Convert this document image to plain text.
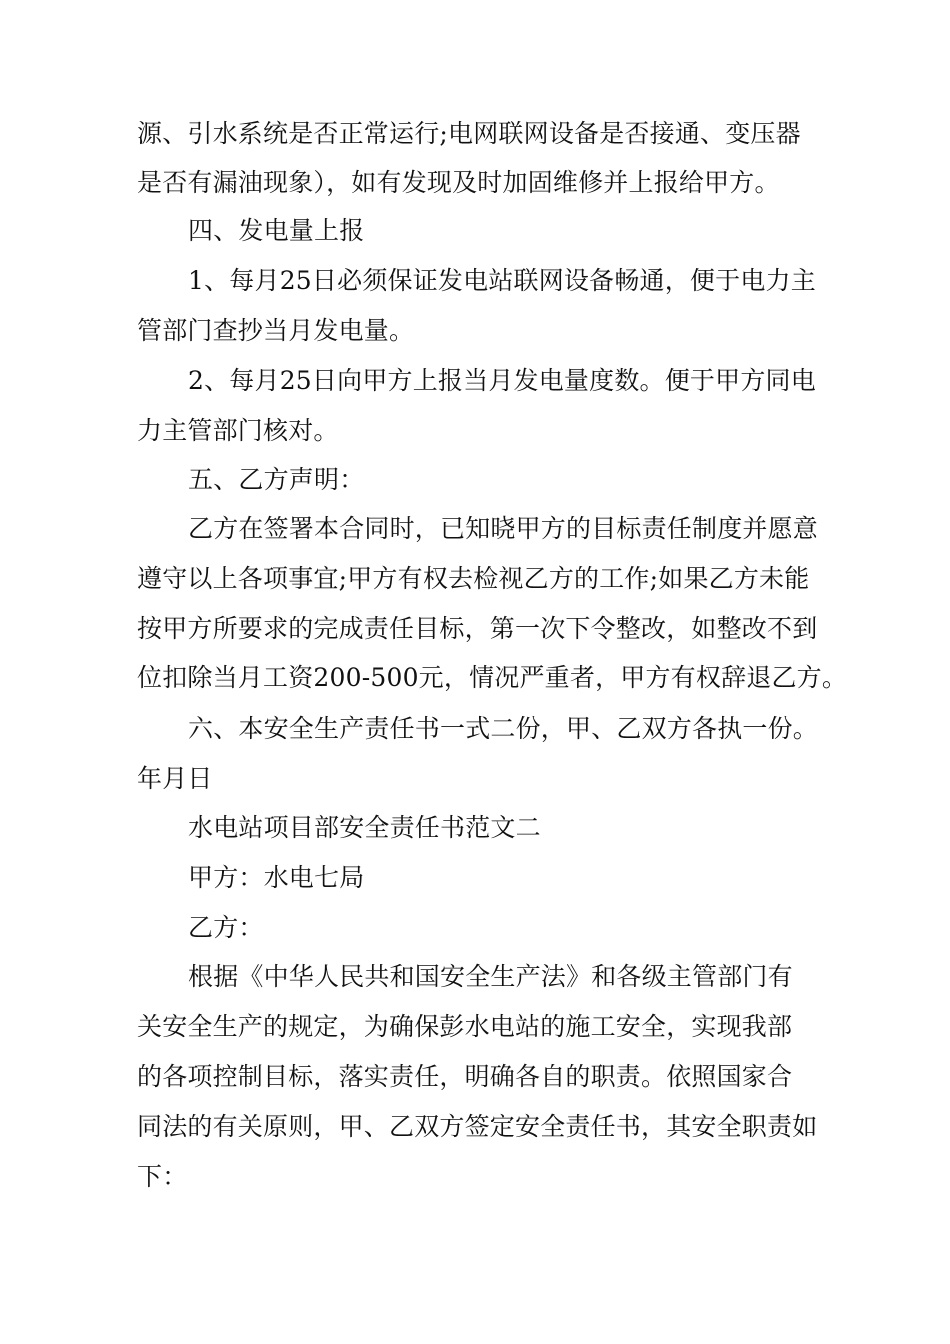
源、引水系统是否正常运行;电网联网设备是否接通、变压器
是否有漏油现象），如有发现及时加固维修并上报给甲方。
四、发电量上报
1、每月25日必须保证发电站联网设备畅通，便于电力主
管部门查抄当月发电量。
2、每月25日向甲方上报当月发电量度数。便于甲方同电
力主管部门核对。
五、乙方声明：
乙方在签署本合同时，已知晓甲方的目标责任制度并愿意
遵守以上各项事宜;甲方有权去检视乙方的工作;如果乙方未能
按甲方所要求的完成责任目标，第一次下令整改，如整改不到
位扣除当月工资200-500元，情况严重者，甲方有权辞退乙方。
六、本安全生产责任书一式二份，甲、乙双方各执一份。
年月日
水电站项目部安全责任书范文二
甲方：水电七局
乙方：
根据《中华人民共和国安全生产法》和各级主管部门有
关安全生产的规定，为确保彭水电站的施工安全，实现我部
的各项控制目标，落实责任，明确各自的职责。依照国家合
同法的有关原则，甲、乙双方签定安全责任书，其安全职责如
下：
